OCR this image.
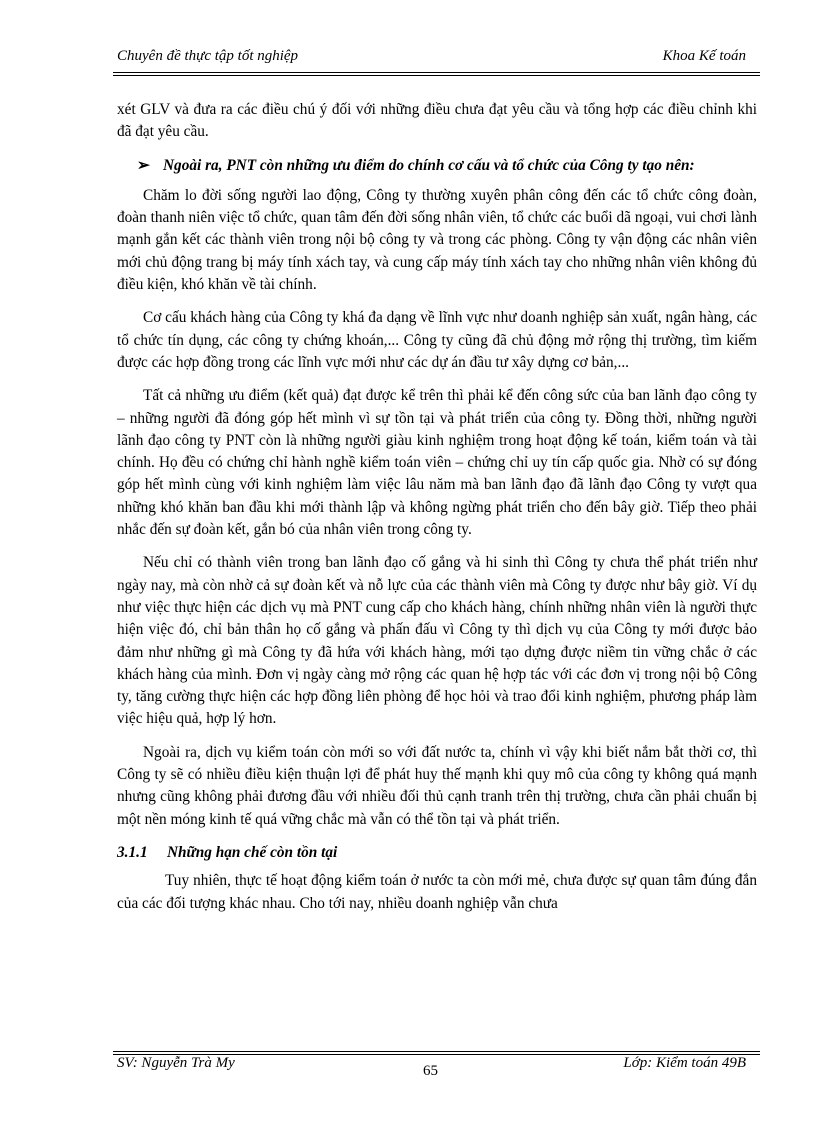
Chuyên đề thực tập tốt nghiệp	Khoa Kế toán

xét GLV và đưa ra các điều chú ý đối với những điều chưa đạt yêu cầu và tổng hợp các điều chỉnh khi đã đạt yêu cầu.

➢ Ngoài ra, PNT còn những ưu điểm do chính cơ cấu và tổ chức của Công ty tạo nên:

Chăm lo đời sống người lao động, Công ty thường xuyên phân công đến các tổ chức công đoàn, đoàn thanh niên việc tổ chức, quan tâm đến đời sống nhân viên, tổ chức các buổi dã ngoại, vui chơi lành mạnh gắn kết các thành viên trong nội bộ công ty và trong các phòng. Công ty vận động các nhân viên mới chủ động trang bị máy tính xách tay, và cung cấp máy tính xách tay cho những nhân viên không đủ điều kiện, khó khăn về tài chính.

Cơ cấu khách hàng của Công ty khá đa dạng về lĩnh vực như doanh nghiệp sản xuất, ngân hàng, các tổ chức tín dụng, các công ty chứng khoán,... Công ty cũng đã chủ động mở rộng thị trường, tìm kiếm được các hợp đồng trong các lĩnh vực mới như các dự án đầu tư xây dựng cơ bản,...

Tất cả những ưu điểm (kết quả) đạt được kể trên thì phải kể đến công sức của ban lãnh đạo công ty – những người đã đóng góp hết mình vì sự tồn tại và phát triển của công ty. Đồng thời, những người lãnh đạo công ty PNT còn là những người giàu kinh nghiệm trong hoạt động kế toán, kiểm toán và tài chính. Họ đều có chứng chỉ hành nghề kiểm toán viên – chứng chỉ uy tín cấp quốc gia. Nhờ có sự đóng góp hết mình cùng với kinh nghiệm làm việc lâu năm mà ban lãnh đạo đã lãnh đạo Công ty vượt qua những khó khăn ban đầu khi mới thành lập và không ngừng phát triển cho đến bây giờ. Tiếp theo phải nhắc đến sự đoàn kết, gắn bó của nhân viên trong công ty.

Nếu chỉ có thành viên trong ban lãnh đạo cố gắng và hi sinh thì Công ty chưa thể phát triển như ngày nay, mà còn nhờ cả sự đoàn kết và nỗ lực của các thành viên mà Công ty được như bây giờ. Ví dụ như việc thực hiện các dịch vụ mà PNT cung cấp cho khách hàng, chính những nhân viên là người thực hiện việc đó, chỉ bản thân họ cố gắng và phấn đấu vì Công ty thì dịch vụ của Công ty mới được bảo đảm như những gì mà Công ty đã hứa với khách hàng, mới tạo dựng được niềm tin vững chắc ở các khách hàng của mình. Đơn vị ngày càng mở rộng các quan hệ hợp tác với các đơn vị trong nội bộ Công ty, tăng cường thực hiện các hợp đồng liên phòng để học hỏi và trao đổi kinh nghiệm, phương pháp làm việc hiệu quả, hợp lý hơn.

Ngoài ra, dịch vụ kiểm toán còn mới so với đất nước ta, chính vì vậy khi biết nắm bắt thời cơ, thì Công ty sẽ có nhiều điều kiện thuận lợi để phát huy thế mạnh khi quy mô của công ty không quá mạnh nhưng cũng không phải đương đầu với nhiều đối thủ cạnh tranh trên thị trường, chưa cần phải chuẩn bị một nền móng kinh tế quá vững chắc mà vẫn có thể tồn tại và phát triển.

3.1.1 Những hạn chế còn tồn tại

Tuy nhiên, thực tế hoạt động kiểm toán ở nước ta còn mới mẻ, chưa được sự quan tâm đúng đắn của các đối tượng khác nhau. Cho tới nay, nhiều doanh nghiệp vẫn chưa

SV: Nguyễn Trà My	65	Lớp: Kiểm toán 49B
